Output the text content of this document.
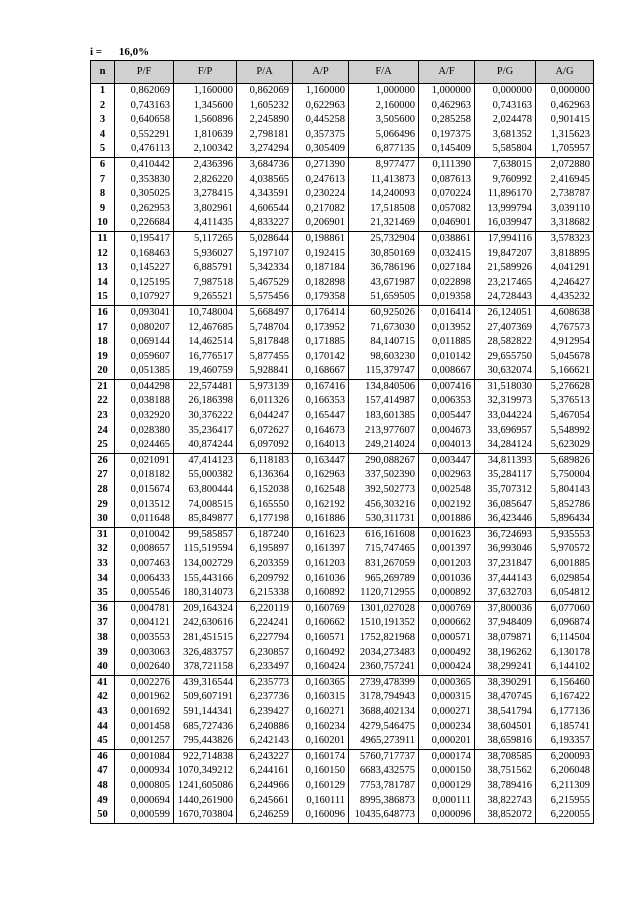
i = 16,0%
n	P/F	F/P	P/A	A/P	F/A	A/F	P/G	A/G
1	0,862069	1,160000	0,862069	1,160000	1,000000	1,000000	0,000000	0,000000
2	0,743163	1,345600	1,605232	0,622963	2,160000	0,462963	0,743163	0,462963
3	0,640658	1,560896	2,245890	0,445258	3,505600	0,285258	2,024478	0,901415
4	0,552291	1,810639	2,798181	0,357375	5,066496	0,197375	3,681352	1,315623
5	0,476113	2,100342	3,274294	0,305409	6,877135	0,145409	5,585804	1,705957
6	0,410442	2,436396	3,684736	0,271390	8,977477	0,111390	7,638015	2,072880
7	0,353830	2,826220	4,038565	0,247613	11,413873	0,087613	9,760992	2,416945
8	0,305025	3,278415	4,343591	0,230224	14,240093	0,070224	11,896170	2,738787
9	0,262953	3,802961	4,606544	0,217082	17,518508	0,057082	13,999794	3,039110
10	0,226684	4,411435	4,833227	0,206901	21,321469	0,046901	16,039947	3,318682
11	0,195417	5,117265	5,028644	0,198861	25,732904	0,038861	17,994116	3,578323
12	0,168463	5,936027	5,197107	0,192415	30,850169	0,032415	19,847207	3,818895
13	0,145227	6,885791	5,342334	0,187184	36,786196	0,027184	21,589926	4,041291
14	0,125195	7,987518	5,467529	0,182898	43,671987	0,022898	23,217465	4,246427
15	0,107927	9,265521	5,575456	0,179358	51,659505	0,019358	24,728443	4,435232
16	0,093041	10,748004	5,668497	0,176414	60,925026	0,016414	26,124051	4,608638
17	0,080207	12,467685	5,748704	0,173952	71,673030	0,013952	27,407369	4,767573
18	0,069144	14,462514	5,817848	0,171885	84,140715	0,011885	28,582822	4,912954
19	0,059607	16,776517	5,877455	0,170142	98,603230	0,010142	29,655750	5,045678
20	0,051385	19,460759	5,928841	0,168667	115,379747	0,008667	30,632074	5,166621
21	0,044298	22,574481	5,973139	0,167416	134,840506	0,007416	31,518030	5,276628
22	0,038188	26,186398	6,011326	0,166353	157,414987	0,006353	32,319973	5,376513
23	0,032920	30,376222	6,044247	0,165447	183,601385	0,005447	33,044224	5,467054
24	0,028380	35,236417	6,072627	0,164673	213,977607	0,004673	33,696957	5,548992
25	0,024465	40,874244	6,097092	0,164013	249,214024	0,004013	34,284124	5,623029
26	0,021091	47,414123	6,118183	0,163447	290,088267	0,003447	34,811393	5,689826
27	0,018182	55,000382	6,136364	0,162963	337,502390	0,002963	35,284117	5,750004
28	0,015674	63,800444	6,152038	0,162548	392,502773	0,002548	35,707312	5,804143
29	0,013512	74,008515	6,165550	0,162192	456,303216	0,002192	36,085647	5,852786
30	0,011648	85,849877	6,177198	0,161886	530,311731	0,001886	36,423446	5,896434
31	0,010042	99,585857	6,187240	0,161623	616,161608	0,001623	36,724693	5,935553
32	0,008657	115,519594	6,195897	0,161397	715,747465	0,001397	36,993046	5,970572
33	0,007463	134,002729	6,203359	0,161203	831,267059	0,001203	37,231847	6,001885
34	0,006433	155,443166	6,209792	0,161036	965,269789	0,001036	37,444143	6,029854
35	0,005546	180,314073	6,215338	0,160892	1120,712955	0,000892	37,632703	6,054812
36	0,004781	209,164324	6,220119	0,160769	1301,027028	0,000769	37,800036	6,077060
37	0,004121	242,630616	6,224241	0,160662	1510,191352	0,000662	37,948409	6,096874
38	0,003553	281,451515	6,227794	0,160571	1752,821968	0,000571	38,079871	6,114504
39	0,003063	326,483757	6,230857	0,160492	2034,273483	0,000492	38,196262	6,130178
40	0,002640	378,721158	6,233497	0,160424	2360,757241	0,000424	38,299241	6,144102
41	0,002276	439,316544	6,235773	0,160365	2739,478399	0,000365	38,390291	6,156460
42	0,001962	509,607191	6,237736	0,160315	3178,794943	0,000315	38,470745	6,167422
43	0,001692	591,144341	6,239427	0,160271	3688,402134	0,000271	38,541794	6,177136
44	0,001458	685,727436	6,240886	0,160234	4279,546475	0,000234	38,604501	6,185741
45	0,001257	795,443826	6,242143	0,160201	4965,273911	0,000201	38,659816	6,193357
46	0,001084	922,714838	6,243227	0,160174	5760,717737	0,000174	38,708585	6,200093
47	0,000934	1070,349212	6,244161	0,160150	6683,432575	0,000150	38,751562	6,206048
48	0,000805	1241,605086	6,244966	0,160129	7753,781787	0,000129	38,789416	6,211309
49	0,000694	1440,261900	6,245661	0,160111	8995,386873	0,000111	38,822743	6,215955
50	0,000599	1670,703804	6,246259	0,160096	10435,648773	0,000096	38,852072	6,220055
